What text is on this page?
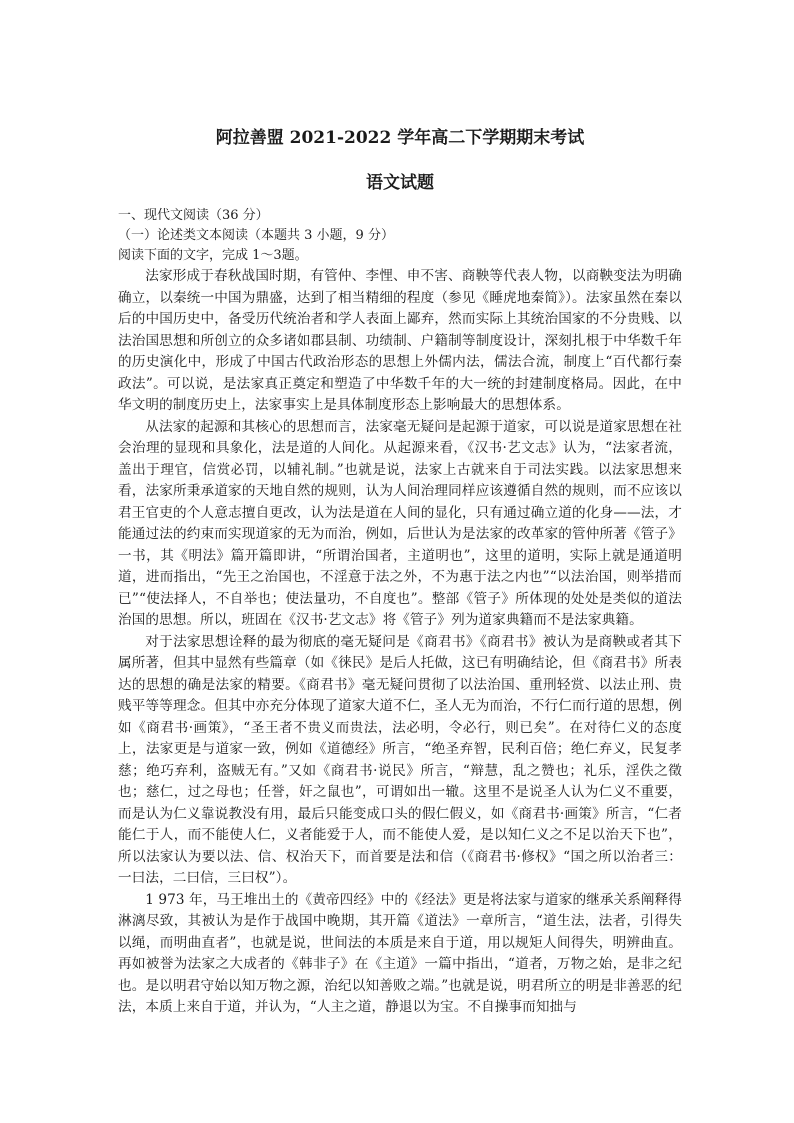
阿拉善盟 2021-2022 学年高二下学期期末考试
语文试题

一、现代文阅读（36 分）

（一）论述类文本阅读（本题共 3 小题，9 分）

阅读下面的文字，完成 1～3题。

法家形成于春秋战国时期，有管仲、李悝、申不害、商鞅等代表人物，以商鞅变法为明确确立，以秦统一中国为鼎盛，达到了相当精细的程度（参见《睡虎地秦简》）。法家虽然在秦以后的中国历史中，备受历代统治者和学人表面上鄙弃，然而实际上其统治国家的不分贵贱、以法治国思想和所创立的众多诸如郡县制、功绩制、户籍制等制度设计，深刻扎根于中华数千年的历史演化中，形成了中国古代政治形态的思想上外儒内法，儒法合流，制度上“百代都行秦政法”。可以说，是法家真正奠定和塑造了中华数千年的大一统的封建制度格局。因此，在中华文明的制度历史上，法家事实上是具体制度形态上影响最大的思想体系。

从法家的起源和其核心的思想而言，法家毫无疑问是起源于道家，可以说是道家思想在社会治理的显现和具象化，法是道的人间化。从起源来看，《汉书·艺文志》认为，“法家者流，盖出于理官，信赏必罚，以辅礼制。”也就是说，法家上古就来自于司法实践。以法家思想来看，法家所秉承道家的天地自然的规则，认为人间治理同样应该遵循自然的规则，而不应该以君王官吏的个人意志擅自更改，认为法是道在人间的显化，只有通过确立道的化身——法，才能通过法的约束而实现道家的无为而治，例如，后世认为是法家的改革家的管仲所著《管子》一书，其《明法》篇开篇即讲，“所谓治国者，主道明也”，这里的道明，实际上就是通道明道，进而指出，“先王之治国也，不淫意于法之外，不为惠于法之内也”“以法治国，则举措而已”“使法择人，不自举也；使法量功，不自度也”。整部《管子》所体现的处处是类似的道法治国的思想。所以，班固在《汉书·艺文志》将《管子》列为道家典籍而不是法家典籍。

对于法家思想诠释的最为彻底的毫无疑问是《商君书》《商君书》被认为是商鞅或者其下属所著，但其中显然有些篇章（如《徕民》是后人托做，这已有明确结论，但《商君书》所表达的思想的确是法家的精要。《商君书》毫无疑问贯彻了以法治国、重刑轻赏、以法止刑、贵贱平等等理念。但其中亦充分体现了道家大道不仁，圣人无为而治，不行仁而行道的思想，例如《商君书·画策》，“圣王者不贵义而贵法，法必明，令必行，则已矣”。在对待仁义的态度上，法家更是与道家一致，例如《道德经》所言，“绝圣弃智，民利百倍；绝仁弃义，民复孝慈；绝巧弃利，盗贼无有。”又如《商君书·说民》所言，“辩慧，乱之赞也；礼乐，淫佚之徵也；慈仁，过之母也；任誉，奸之鼠也”，可谓如出一辙。这里不是说圣人认为仁义不重要，而是认为仁义靠说教没有用，最后只能变成口头的假仁假义，如《商君书·画策》所言，“仁者能仁于人，而不能使人仁，义者能爱于人，而不能使人爱，是以知仁义之不足以治天下也”，所以法家认为要以法、信、权治天下，而首要是法和信（《商君书·修权》“国之所以治者三：一曰法，二曰信，三曰权”）。

1 973 年，马王堆出土的《黄帝四经》中的《经法》更是将法家与道家的继承关系阐释得淋漓尽致，其被认为是作于战国中晚期，其开篇《道法》一章所言，“道生法，法者，引得失以绳，而明曲直者”，也就是说，世间法的本质是来自于道，用以规矩人间得失，明辨曲直。再如被誉为法家之大成者的《韩非子》在《主道》一篇中指出，“道者，万物之始，是非之纪也。是以明君守始以知万物之源，治纪以知善败之端。”也就是说，明君所立的明是非善恶的纪法，本质上来自于道，并认为，“人主之道，静退以为宝。不自操事而知拙与
